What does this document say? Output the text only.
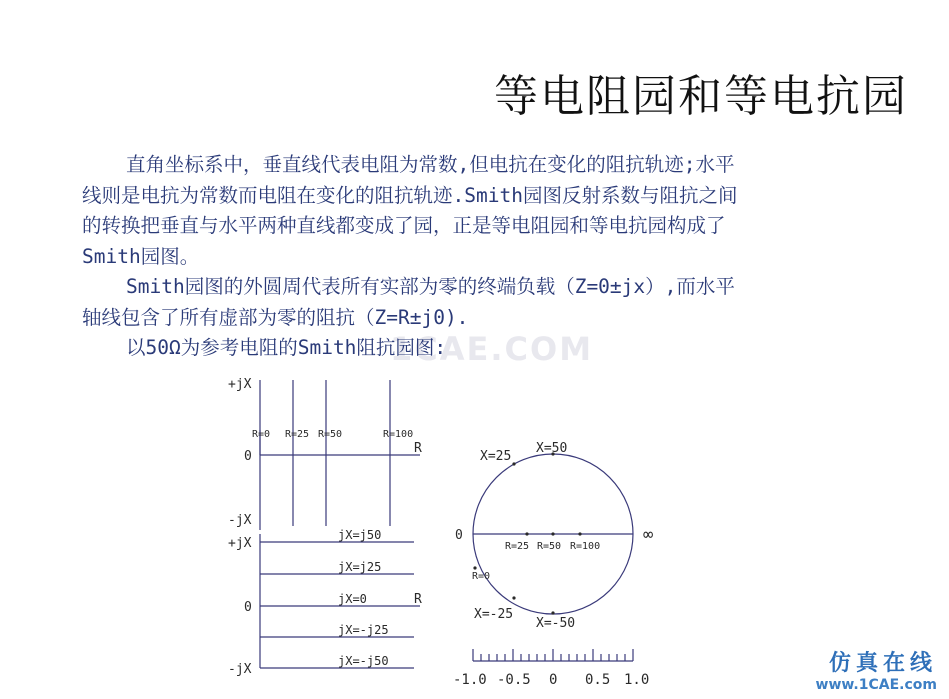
等电阻园和等电抗园
直角坐标系中，垂直线代表电阻为常数,但电抗在变化的阻抗轨迹;水平
线则是电抗为常数而电阻在变化的阻抗轨迹.Smith园图反射系数与阻抗之间
的转换把垂直与水平两种直线都变成了园，正是等电阻园和等电抗园构成了
Smith园图。
Smith园图的外圆周代表所有实部为零的终端负载（Z=0±jx）,而水平
轴线包含了所有虚部为零的阻抗（Z=R±j0).
1CAE.COM
以50Ω为参考电阻的Smith阻抗园图:
+jX
0
-jX
R
R=0 R=25 R=50	R=100
+jX
0
-jX
R
jX=j50
jX=j25
jX=0
jX=-j25
jX=-j50
0	∞
X=25
X=50
X=-25
X=-50
R=25 R=50 R=100
R=0
-1.0 -0.5 0 0.5 1.0
仿真在线
www.1CAE.com
